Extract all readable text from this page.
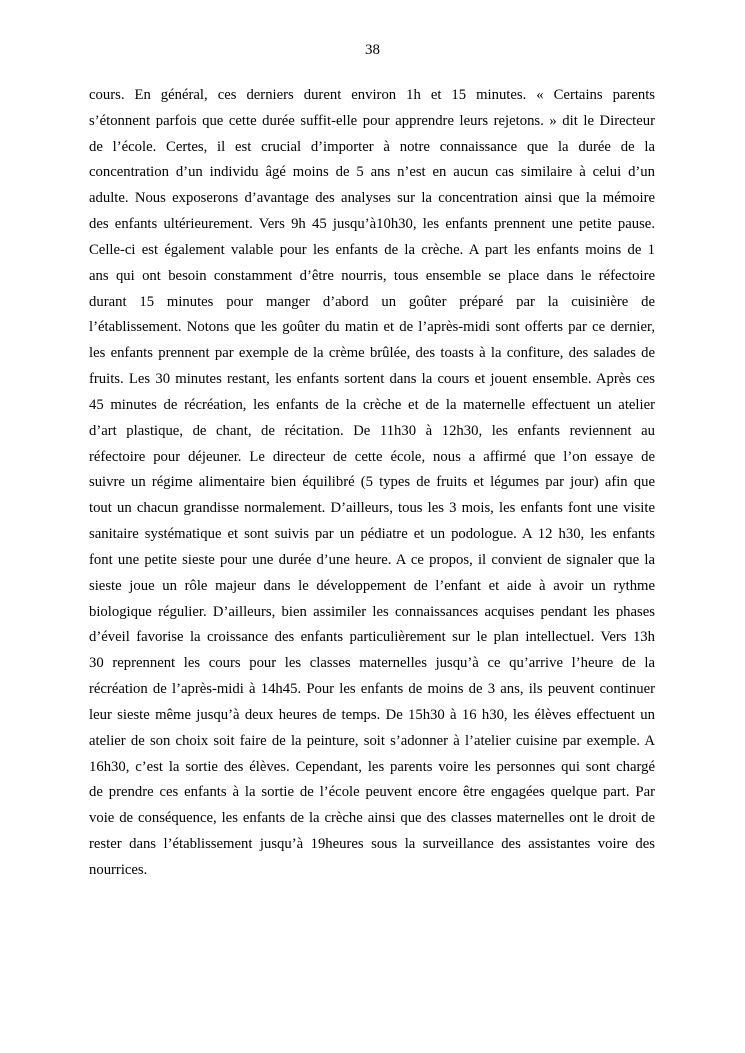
38
cours. En général, ces derniers durent environ 1h et 15 minutes. « Certains parents
s’étonnent parfois que cette durée suffit-elle pour apprendre leurs rejetons. » dit le Directeur
de l’école. Certes, il est crucial d’importer à notre connaissance que la durée de la
concentration d’un individu âgé moins de 5 ans n’est en aucun cas similaire à celui d’un
adulte. Nous exposerons d’avantage des analyses sur la concentration ainsi que la mémoire
des enfants ultérieurement. Vers 9h 45 jusqu’à10h30, les enfants prennent une petite pause.
Celle-ci est également valable pour les enfants de la crèche. A part les enfants moins de 1
ans qui ont besoin constamment d’être nourris, tous ensemble se place dans le réfectoire
durant 15 minutes pour manger d’abord un goûter préparé par la cuisinière de
l’établissement. Notons que les goûter du matin et de l’après-midi sont offerts par ce dernier,
les enfants prennent par exemple de la crème brûlée, des toasts à la confiture, des salades de
fruits. Les 30 minutes restant, les enfants sortent dans la cours et jouent ensemble. Après ces
45 minutes de récréation, les enfants de la crèche et de la maternelle effectuent un atelier
d’art plastique, de chant, de récitation. De 11h30 à 12h30, les enfants reviennent au
réfectoire pour déjeuner. Le directeur de cette école, nous a affirmé que l’on essaye de
suivre un régime alimentaire bien équilibré (5 types de fruits et légumes par jour) afin que
tout un chacun grandisse normalement. D’ailleurs, tous les 3 mois, les enfants font une visite
sanitaire systématique et sont suivis par un pédiatre et un podologue. A 12 h30, les enfants
font une petite sieste pour une durée d’une heure. A ce propos, il convient de signaler que la
sieste joue un rôle majeur dans le développement de l’enfant et aide à avoir un rythme
biologique régulier. D’ailleurs, bien assimiler les connaissances acquises pendant les phases
d’éveil favorise la croissance des enfants particulièrement sur le plan intellectuel. Vers 13h
30 reprennent les cours pour les classes maternelles jusqu’à ce qu’arrive l’heure de la
récréation de l’après-midi à 14h45. Pour les enfants de moins de 3 ans, ils peuvent continuer
leur sieste même jusqu’à deux heures de temps. De 15h30 à 16 h30, les élèves effectuent un
atelier de son choix soit faire de la peinture, soit s’adonner à l’atelier cuisine par exemple. A
16h30, c’est la sortie des élèves. Cependant, les parents voire les personnes qui sont chargé
de prendre ces enfants à la sortie de l’école peuvent encore être engagées quelque part. Par
voie de conséquence, les enfants de la crèche ainsi que des classes maternelles ont le droit de
rester dans l’établissement jusqu’à 19heures sous la surveillance des assistantes voire des
nourrices.
